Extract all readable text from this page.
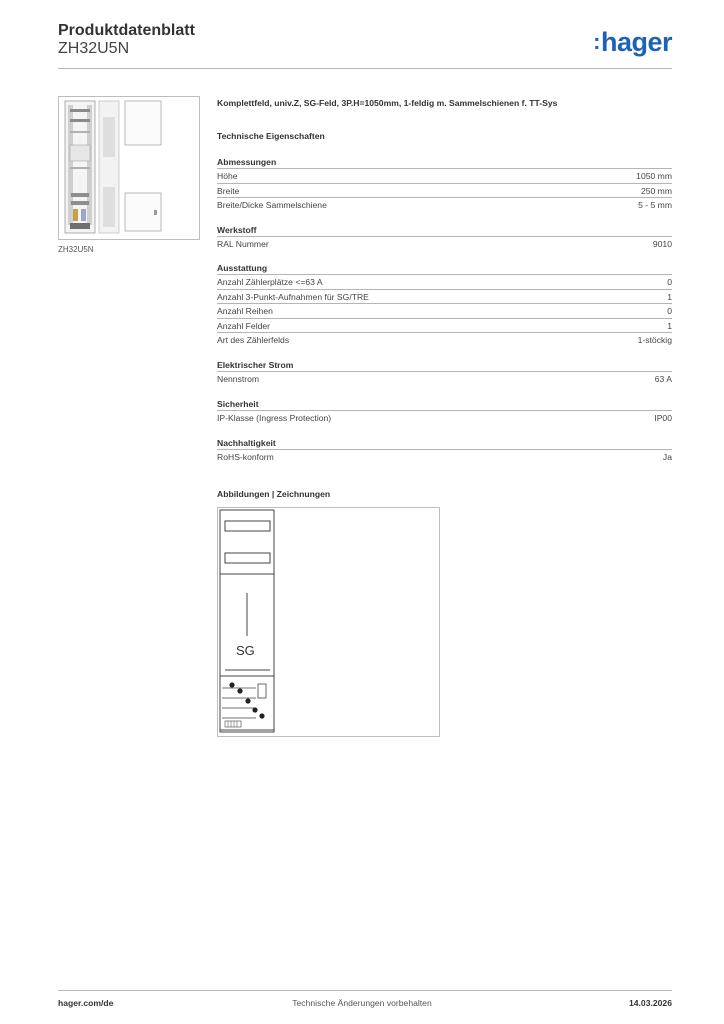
Produktdatenblatt
ZH32U5N	:hager
ZH32U5N
Komplettfeld, univ.Z, SG-Feld, 3P.H=1050mm, 1-feldig m. Sammelschienen f. TT-Sys
Technische Eigenschaften
Abmessungen
Höhe	1050 mm
Breite	250 mm
Breite/Dicke Sammelschiene	5 - 5 mm
Werkstoff
RAL Nummer	9010
Ausstattung
Anzahl Zählerplätze <=63 A	0
Anzahl 3-Punkt-Aufnahmen für SG/TRE	1
Anzahl Reihen	0
Anzahl Felder	1
Art des Zählerfelds	1-stöckig
Elektrischer Strom
Nennstrom	63 A
Sicherheit
IP-Klasse (Ingress Protection)	IP00
Nachhaltigkeit
RoHS-konform	Ja
Abbildungen | Zeichnungen
SG
hager.com/de	Technische Änderungen vorbehalten	14.03.2026
